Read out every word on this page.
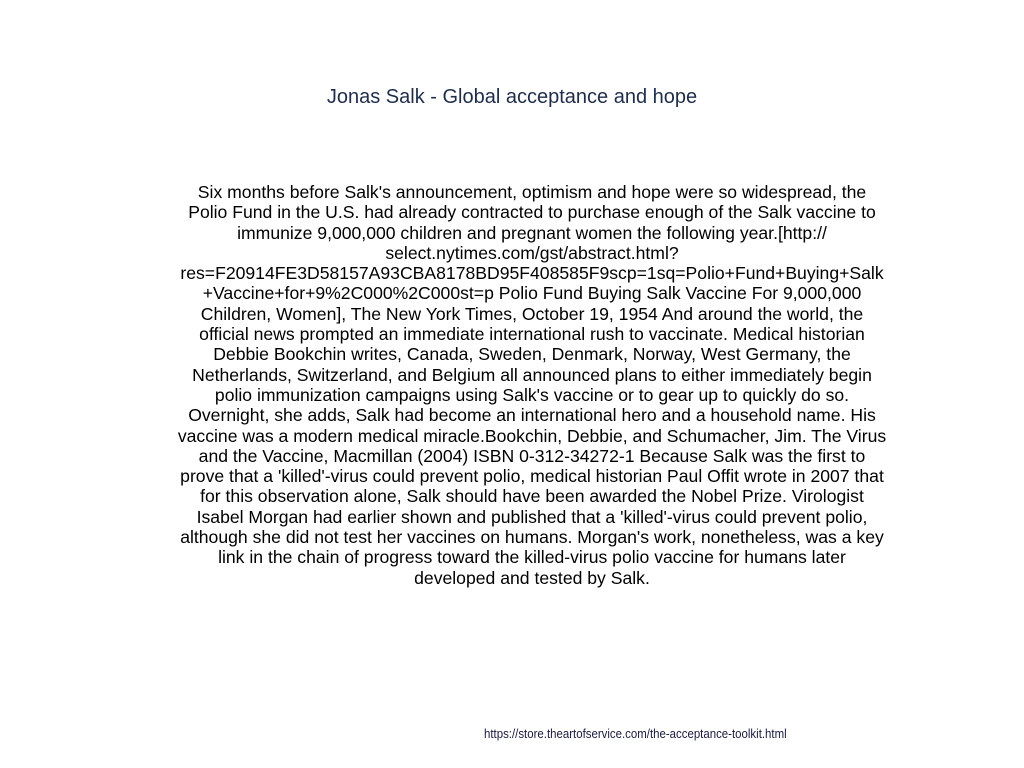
Jonas Salk - Global acceptance and hope
Six months before Salk's announcement, optimism and hope were so widespread, the
Polio Fund in the U.S. had already contracted to purchase enough of the Salk vaccine to
immunize 9,000,000 children and pregnant women the following year.[http://
select.nytimes.com/gst/abstract.html?
res=F20914FE3D58157A93CBA8178BD95F408585F9scp=1sq=Polio+Fund+Buying+Salk
+Vaccine+for+9%2C000%2C000st=p Polio Fund Buying Salk Vaccine For 9,000,000
Children, Women], The New York Times, October 19, 1954 And around the world, the
official news prompted an immediate international rush to vaccinate. Medical historian
Debbie Bookchin writes, Canada, Sweden, Denmark, Norway, West Germany, the
Netherlands, Switzerland, and Belgium all announced plans to either immediately begin
polio immunization campaigns using Salk's vaccine or to gear up to quickly do so.
Overnight, she adds, Salk had become an international hero and a household name. His
vaccine was a modern medical miracle.Bookchin, Debbie, and Schumacher, Jim. The Virus
and the Vaccine, Macmillan (2004) ISBN 0-312-34272-1 Because Salk was the first to
prove that a 'killed'-virus could prevent polio, medical historian Paul Offit wrote in 2007 that
for this observation alone, Salk should have been awarded the Nobel Prize. Virologist
Isabel Morgan had earlier shown and published that a 'killed'-virus could prevent polio,
although she did not test her vaccines on humans. Morgan's work, nonetheless, was a key
link in the chain of progress toward the killed-virus polio vaccine for humans later
developed and tested by Salk.
https://store.theartofservice.com/the-acceptance-toolkit.html
